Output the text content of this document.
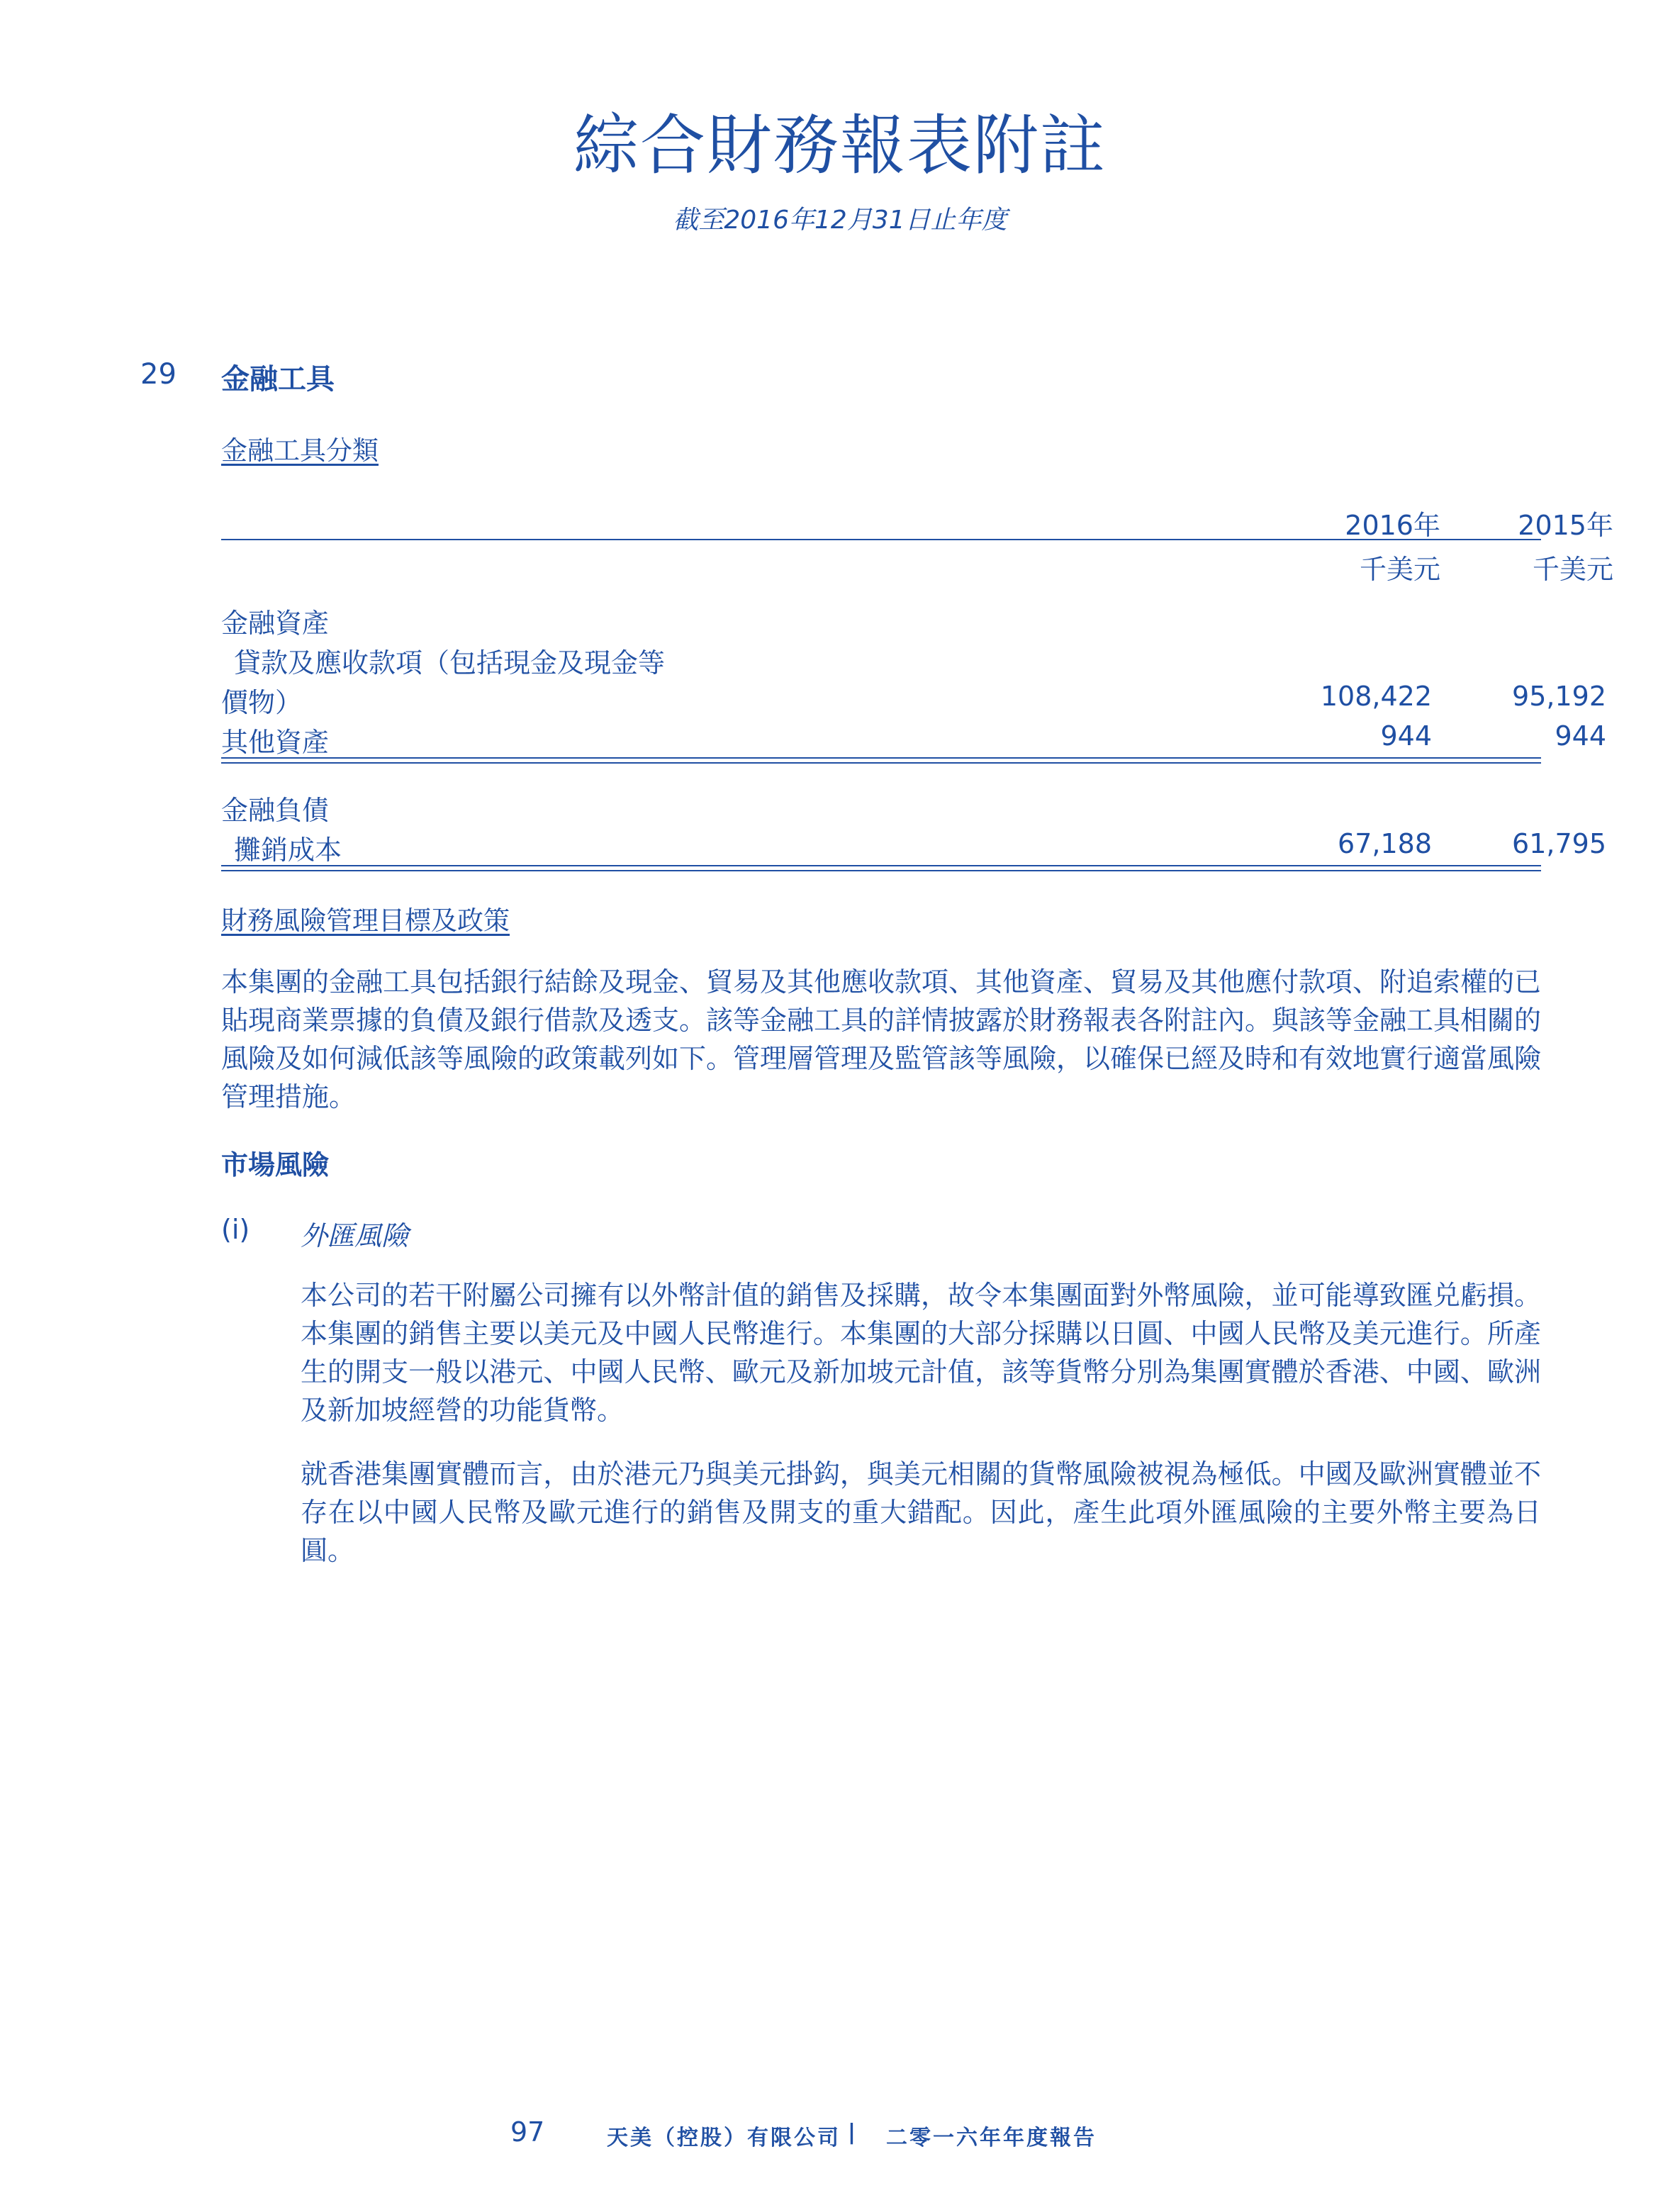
綜合財務報表附註
截至2016年12月31日止年度
29 金融工具
金融工具分類
2016年	2015年
千美元	千美元
金融資產
貸款及應收款項（包括現金及現金等
價物）	108,422	95,192
其他資產	944	944
金融負債
攤銷成本	67,188	61,795
財務風險管理目標及政策
本集團的金融工具包括銀行結餘及現金、貿易及其他應收款項、其他資產、貿易及其他應付款項、附追索權的已貼現商業票據的負債及銀行借款及透支。該等金融工具的詳情披露於財務報表各附註內。與該等金融工具相關的風險及如何減低該等風險的政策載列如下。管理層管理及監管該等風險，以確保已經及時和有效地實行適當風險管理措施。
市場風險
(i) 外匯風險
本公司的若干附屬公司擁有以外幣計值的銷售及採購，故令本集團面對外幣風險，並可能導致匯兑虧損。本集團的銷售主要以美元及中國人民幣進行。本集團的大部分採購以日圓、中國人民幣及美元進行。所產生的開支一般以港元、中國人民幣、歐元及新加坡元計值，該等貨幣分別為集團實體於香港、中國、歐洲及新加坡經營的功能貨幣。
就香港集團實體而言，由於港元乃與美元掛鈎，與美元相關的貨幣風險被視為極低。中國及歐洲實體並不存在以中國人民幣及歐元進行的銷售及開支的重大錯配。因此，產生此項外匯風險的主要外幣主要為日圓。
97	天美（控股）有限公司 | 二零一六年年度報告
